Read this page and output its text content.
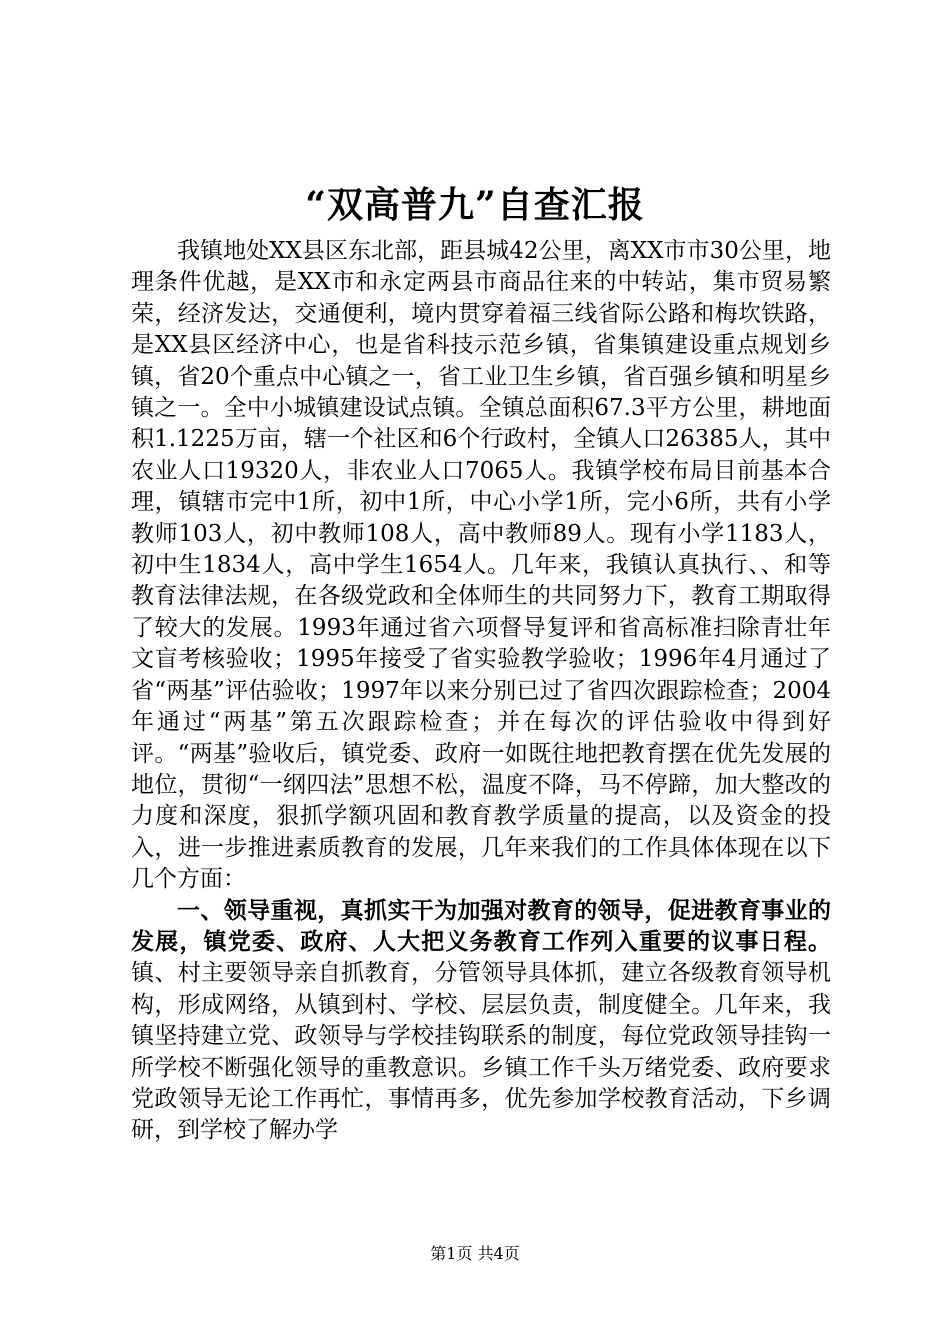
“双高普九”自查汇报

我镇地处XX县区东北部，距县城42公里，离XX市市30公里，地理条件优越，是XX市和永定两县市商品往来的中转站，集市贸易繁荣，经济发达，交通便利，境内贯穿着福三线省际公路和梅坎铁路，是XX县区经济中心，也是省科技示范乡镇，省集镇建设重点规划乡镇，省20个重点中心镇之一，省工业卫生乡镇，省百强乡镇和明星乡镇之一。全中小城镇建设试点镇。全镇总面积67.3平方公里，耕地面积1.1225万亩，辖一个社区和6个行政村，全镇人口26385人，其中农业人口19320人，非农业人口7065人。我镇学校布局目前基本合理，镇辖市完中1所，初中1所，中心小学1所，完小6所，共有小学教师103人，初中教师108人，高中教师89人。现有小学1183人，初中生1834人，高中学生1654人。几年来，我镇认真执行、、和等教育法律法规，在各级党政和全体师生的共同努力下，教育工期取得了较大的发展。1993年通过省六项督导复评和省高标准扫除青壮年文盲考核验收；1995年接受了省实验教学验收；1996年4月通过了省“两基”评估验收；1997年以来分别已过了省四次跟踪检查；2004年通过“两基”第五次跟踪检查；并在每次的评估验收中得到好评。“两基”验收后，镇党委、政府一如既往地把教育摆在优先发展的地位，贯彻“一纲四法”思想不松，温度不降，马不停蹄，加大整改的力度和深度，狠抓学额巩固和教育教学质量的提高，以及资金的投入，进一步推进素质教育的发展，几年来我们的工作具体体现在以下几个方面：

一、领导重视，真抓实干为加强对教育的领导，促进教育事业的发展，镇党委、政府、人大把义务教育工作列入重要的议事日程。镇、村主要领导亲自抓教育，分管领导具体抓，建立各级教育领导机构，形成网络，从镇到村、学校、层层负责，制度健全。几年来，我镇坚持建立党、政领导与学校挂钩联系的制度，每位党政领导挂钩一所学校不断强化领导的重教意识。乡镇工作千头万绪党委、政府要求党政领导无论工作再忙，事情再多，优先参加学校教育活动，下乡调研，到学校了解办学

第1页 共4页
